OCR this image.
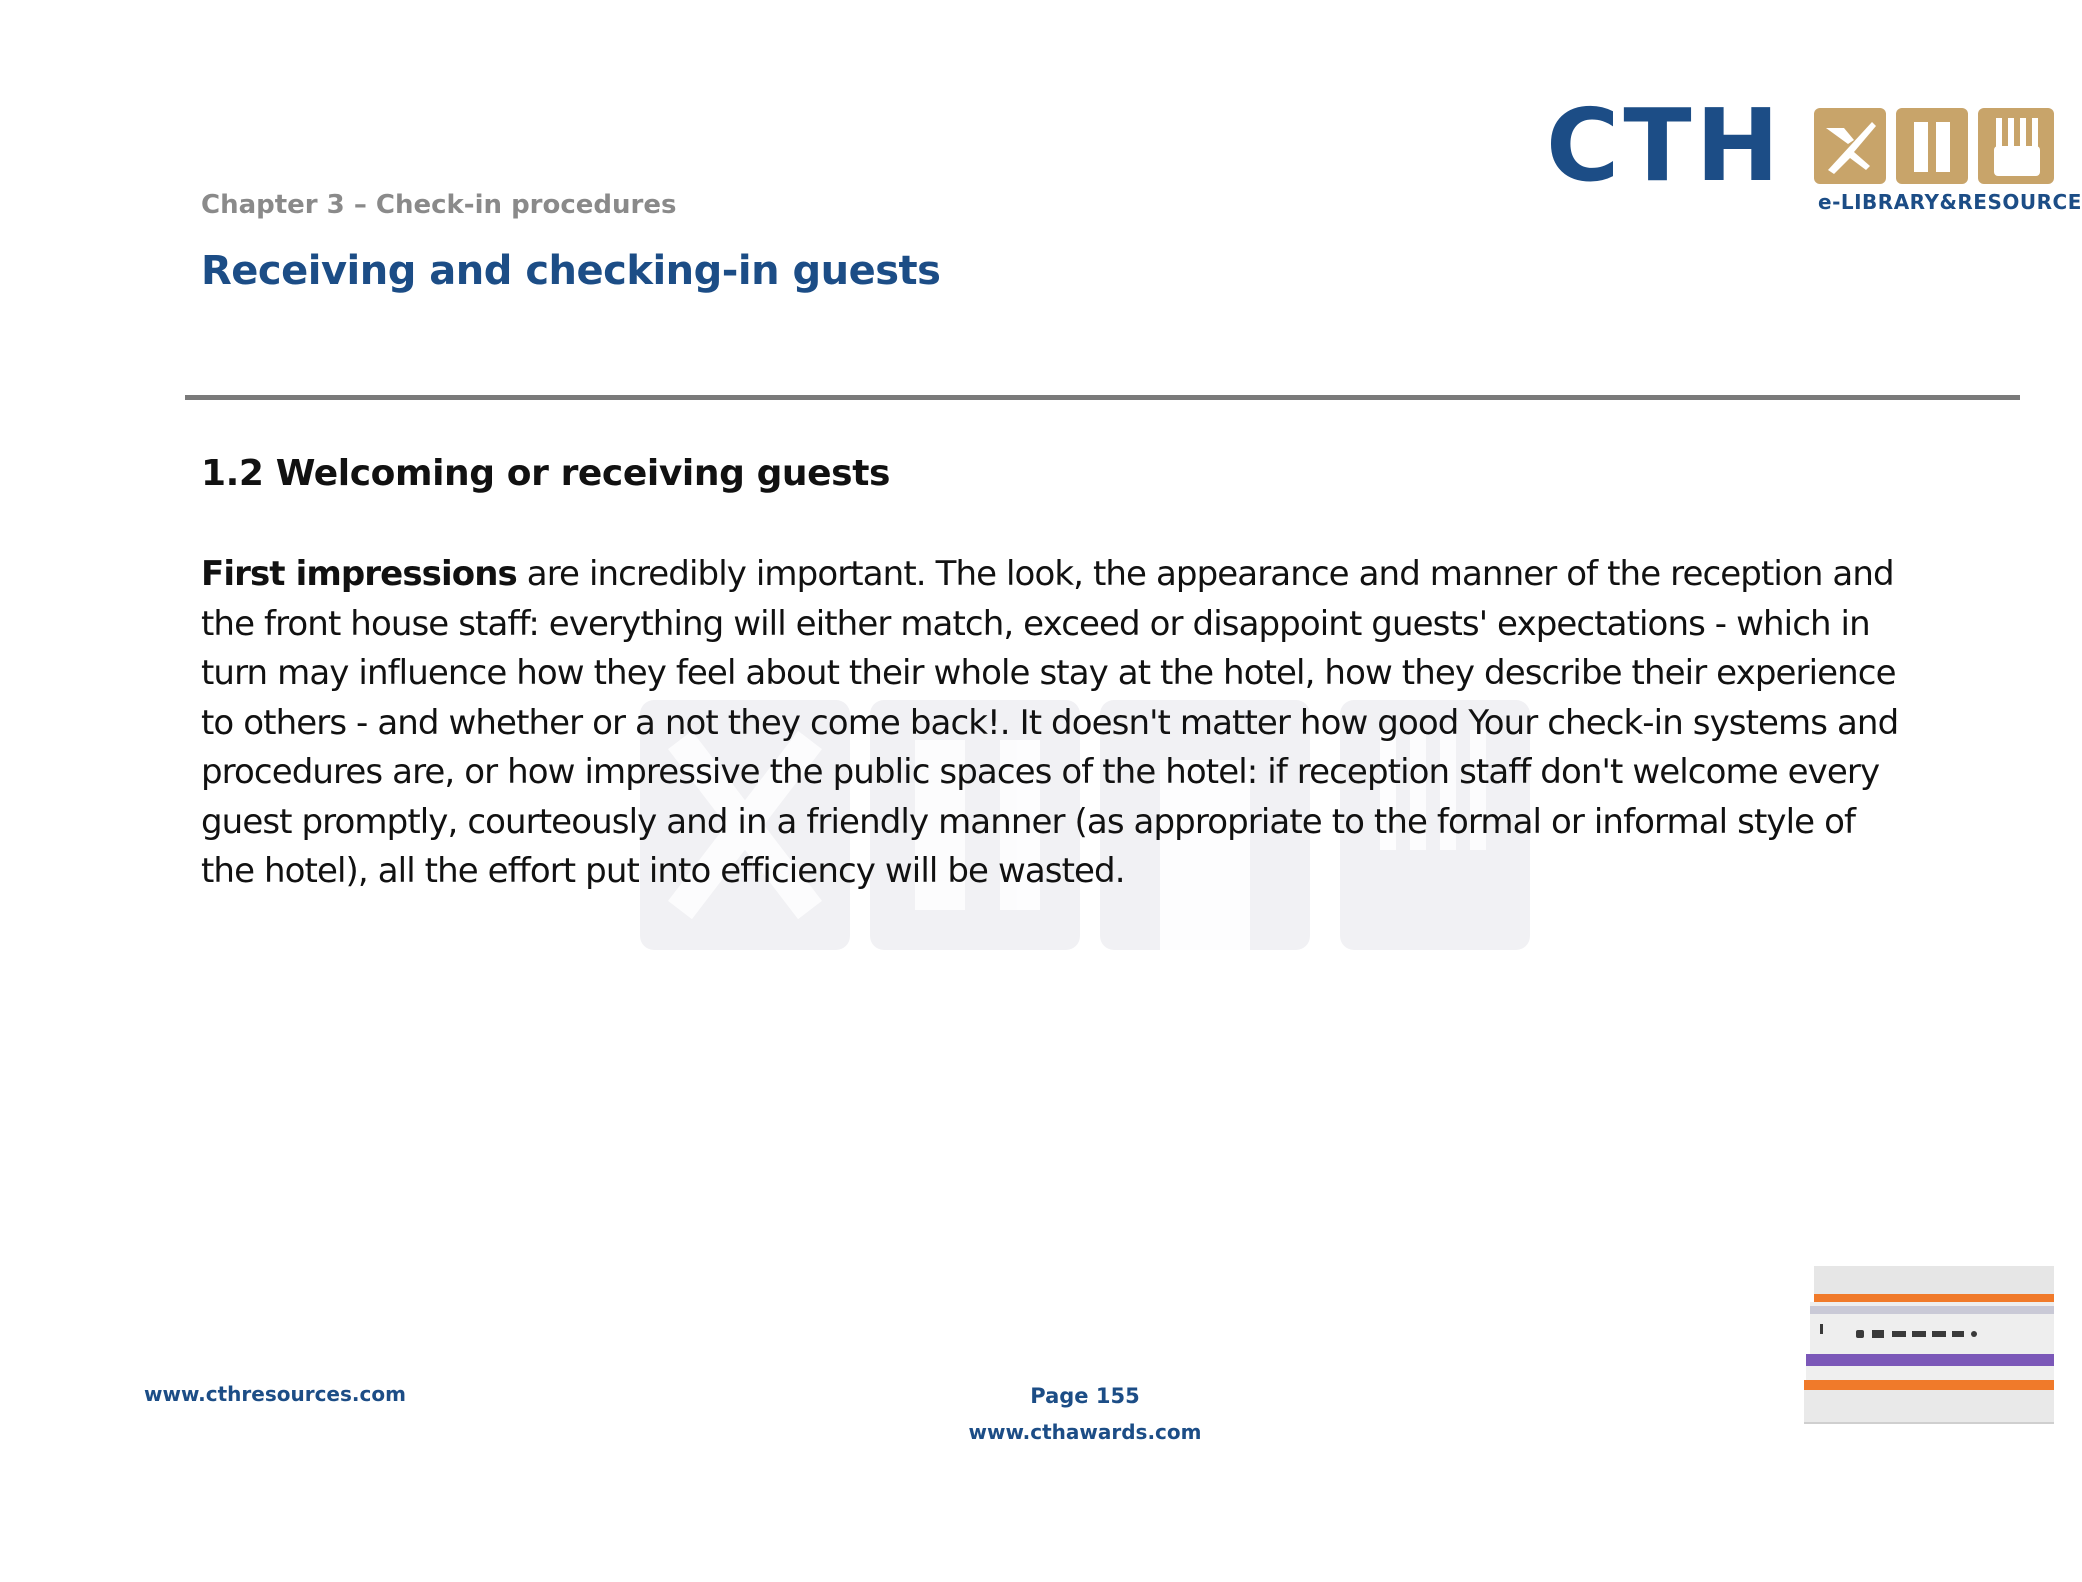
CTH e-LIBRARY&RESOURCE
Chapter 3 – Check-in procedures
Receiving and checking-in guests
1.2 Welcoming or receiving guests
First impressions are incredibly important. The look, the appearance and manner of the reception and
the front house staff: everything will either match, exceed or disappoint guests' expectations - which in
turn may influence how they feel about their whole stay at the hotel, how they describe their experience
to others - and whether or a not they come back!. It doesn't matter how good Your check-in systems and
procedures are, or how impressive the public spaces of the hotel: if reception staff don't welcome every
guest promptly, courteously and in a friendly manner (as appropriate to the formal or informal style of
the hotel), all the effort put into efficiency will be wasted.
www.cthresources.com	Page 155
www.cthawards.com
